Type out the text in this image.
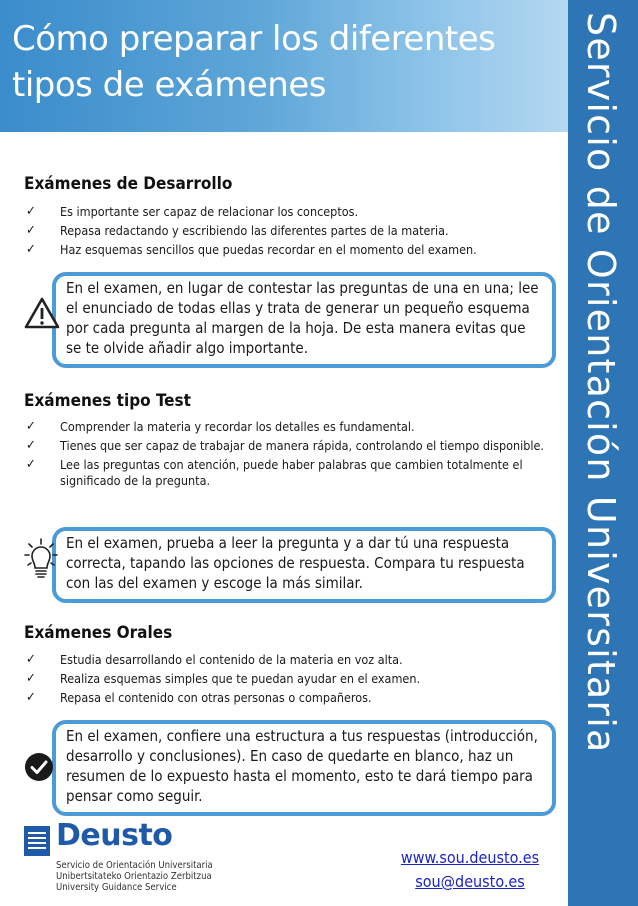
Cómo preparar los diferentes tipos de exámenes	Servicio de Orientación Universitaria
Exámenes de Desarrollo
✓ Es importante ser capaz de relacionar los conceptos.
✓ Repasa redactando y escribiendo las diferentes partes de la materia.
✓ Haz esquemas sencillos que puedas recordar en el momento del examen.

En el examen, en lugar de contestar las preguntas de una en una; lee el enunciado de todas ellas y trata de generar un pequeño esquema por cada pregunta al margen de la hoja. De esta manera evitas que se te olvide añadir algo importante.

Exámenes tipo Test
✓ Comprender la materia y recordar los detalles es fundamental.
✓ Tienes que ser capaz de trabajar de manera rápida, controlando el tiempo disponible.
✓ Lee las preguntas con atención, puede haber palabras que cambien totalmente el significado de la pregunta.

En el examen, prueba a leer la pregunta y a dar tú una respuesta correcta, tapando las opciones de respuesta. Compara tu respuesta con las del examen y escoge la más similar.

Exámenes Orales
✓ Estudia desarrollando el contenido de la materia en voz alta.
✓ Realiza esquemas simples que te puedan ayudar en el examen.
✓ Repasa el contenido con otras personas o compañeros.

En el examen, confiere una estructura a tus respuestas (introducción, desarrollo y conclusiones). En caso de quedarte en blanco, haz un resumen de lo expuesto hasta el momento, esto te dará tiempo para pensar como seguir.

Deusto
Servicio de Orientación Universitaria
Unibertsitateko Orientazio Zerbitzua
University Guidance Service
www.sou.deusto.es
sou@deusto.es
